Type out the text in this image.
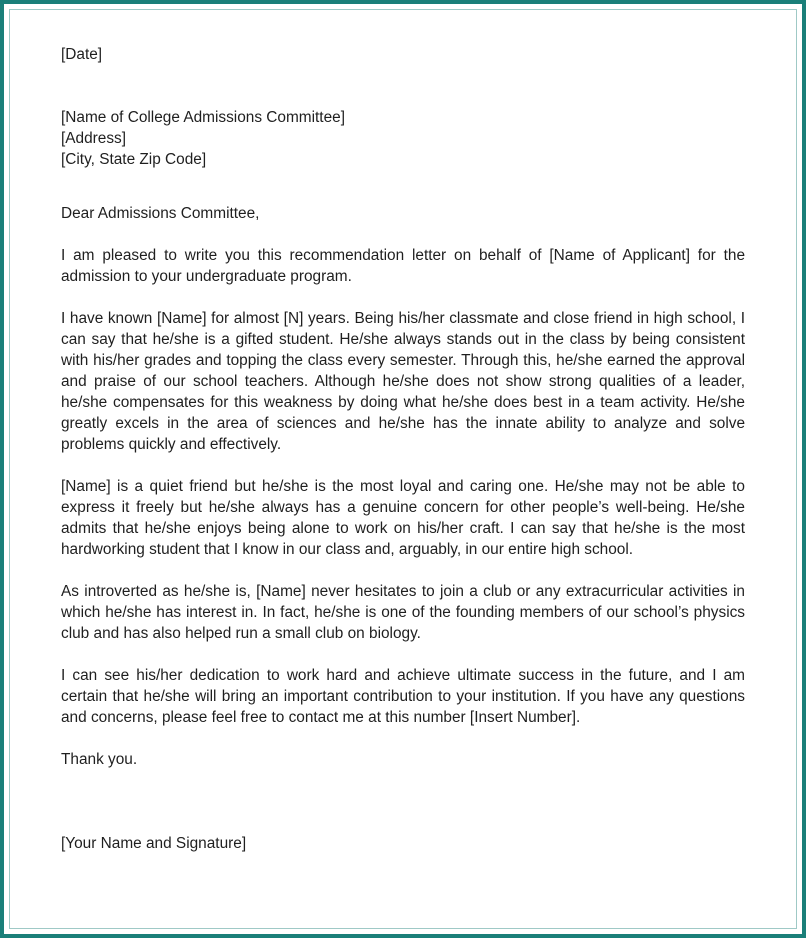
[Date]

[Name of College Admissions Committee]

[Address]

[City, State Zip Code]

Dear Admissions Committee,

I am pleased to write you this recommendation letter on behalf of [Name of Applicant] for the admission to your undergraduate program.

I have known [Name] for almost [N] years. Being his/her classmate and close friend in high school, I can say that he/she is a gifted student. He/she always stands out in the class by being consistent with his/her grades and topping the class every semester. Through this, he/she earned the approval and praise of our school teachers. Although he/she does not show strong qualities of a leader, he/she compensates for this weakness by doing what he/she does best in a team activity. He/she greatly excels in the area of sciences and he/she has the innate ability to analyze and solve problems quickly and effectively.

[Name] is a quiet friend but he/she is the most loyal and caring one. He/she may not be able to express it freely but he/she always has a genuine concern for other people’s well-being. He/she admits that he/she enjoys being alone to work on his/her craft. I can say that he/she is the most hardworking student that I know in our class and, arguably, in our entire high school.

As introverted as he/she is, [Name] never hesitates to join a club or any extracurricular activities in which he/she has interest in. In fact, he/she is one of the founding members of our school’s physics club and has also helped run a small club on biology.

I can see his/her dedication to work hard and achieve ultimate success in the future, and I am certain that he/she will bring an important contribution to your institution. If you have any questions and concerns, please feel free to contact me at this number [Insert Number].

Thank you.

[Your Name and Signature]
